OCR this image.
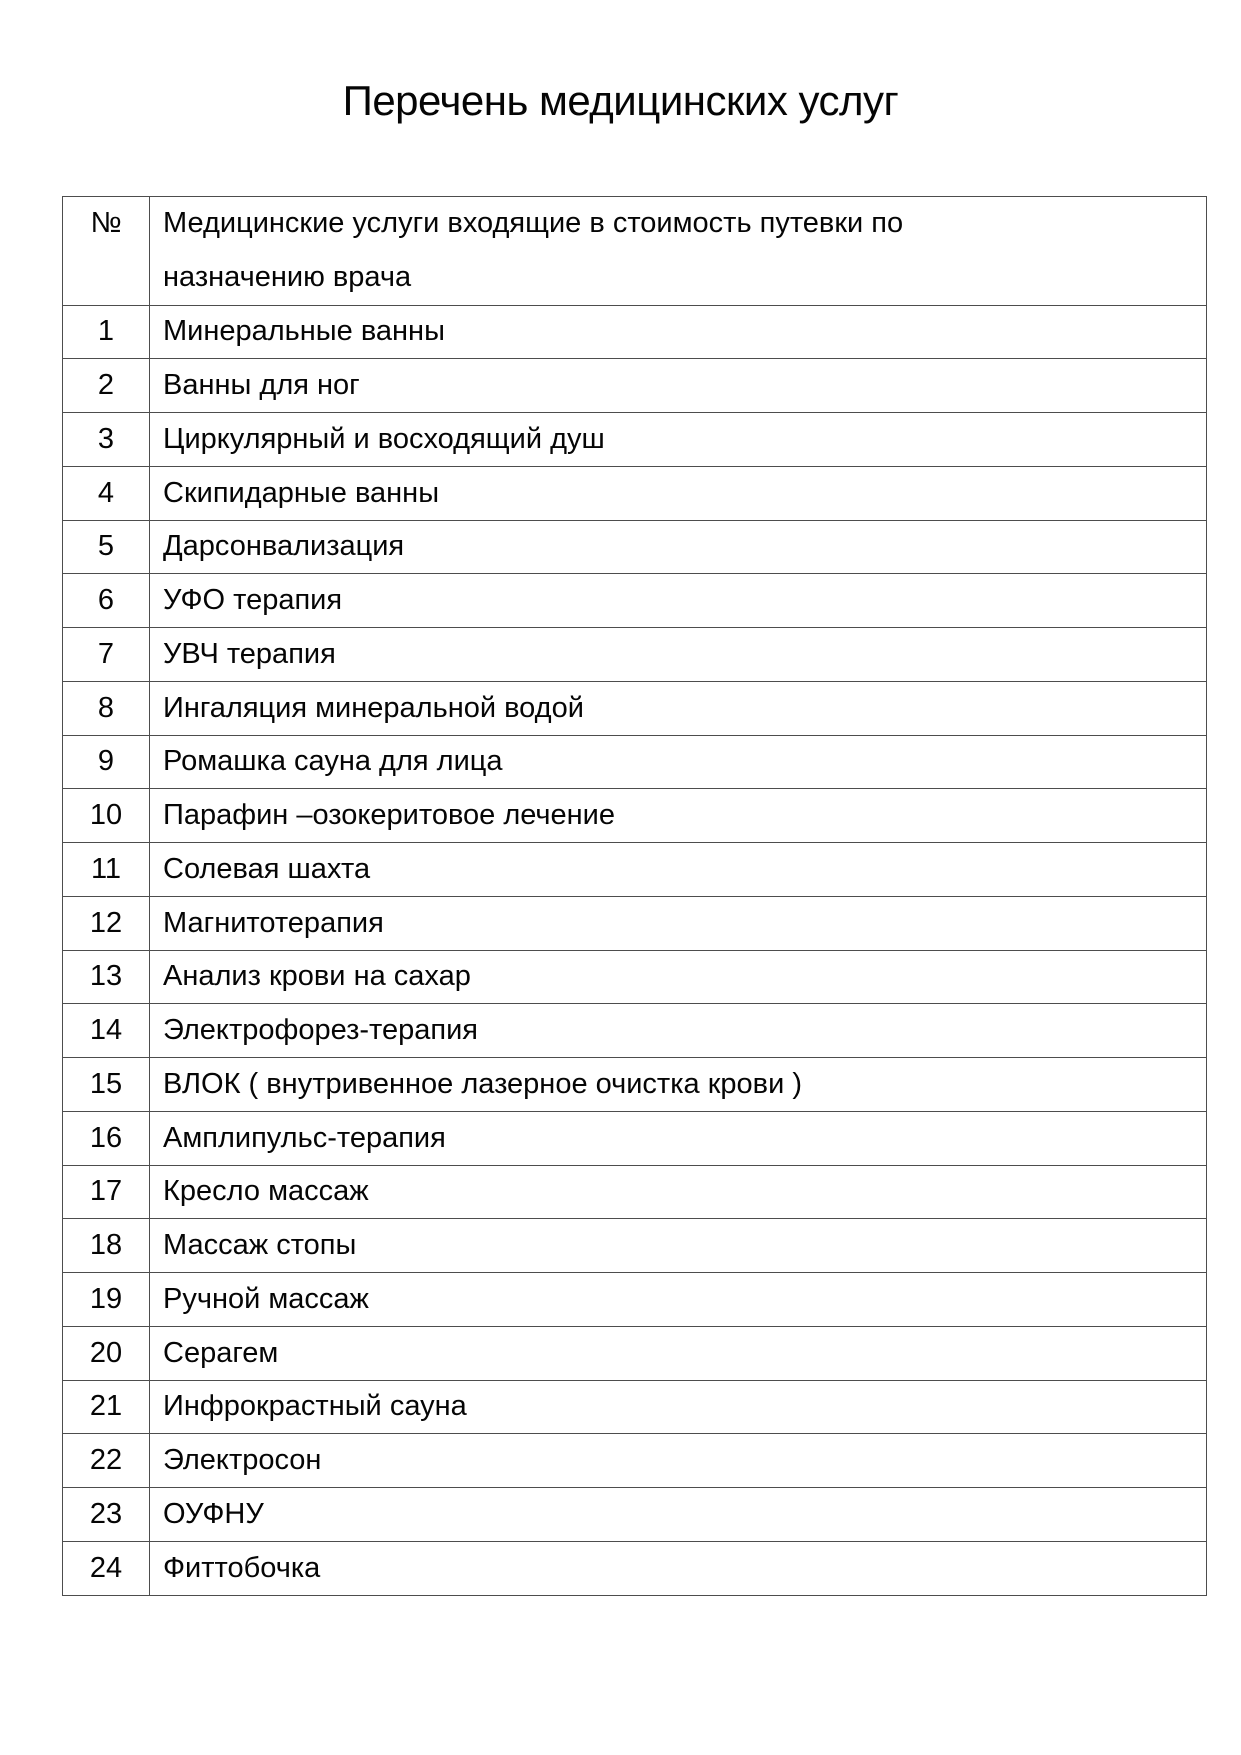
Перечень медицинских услуг
№	Медицинские услуги входящие в стоимость путевки по назначению врача

1	Минеральные ванны
2	Ванны для ног
3	Циркулярный и восходящий душ
4	Скипидарные ванны
5	Дарсонвализация
6	УФО терапия
7	УВЧ терапия
8	Ингаляция минеральной водой
9	Ромашка сауна для лица
10	Парафин –озокеритовое лечение
11	Солевая шахта
12	Магнитотерапия
13	Анализ крови на сахар
14	Электрофорез-терапия
15	ВЛОК ( внутривенное лазерное очистка крови )
16	Амплипульс-терапия
17	Кресло массаж
18	Массаж стопы
19	Ручной массаж
20	Серагем
21	Инфрокрастный сауна
22	Электросон
23	ОУФНУ
24	Фиттобочка
